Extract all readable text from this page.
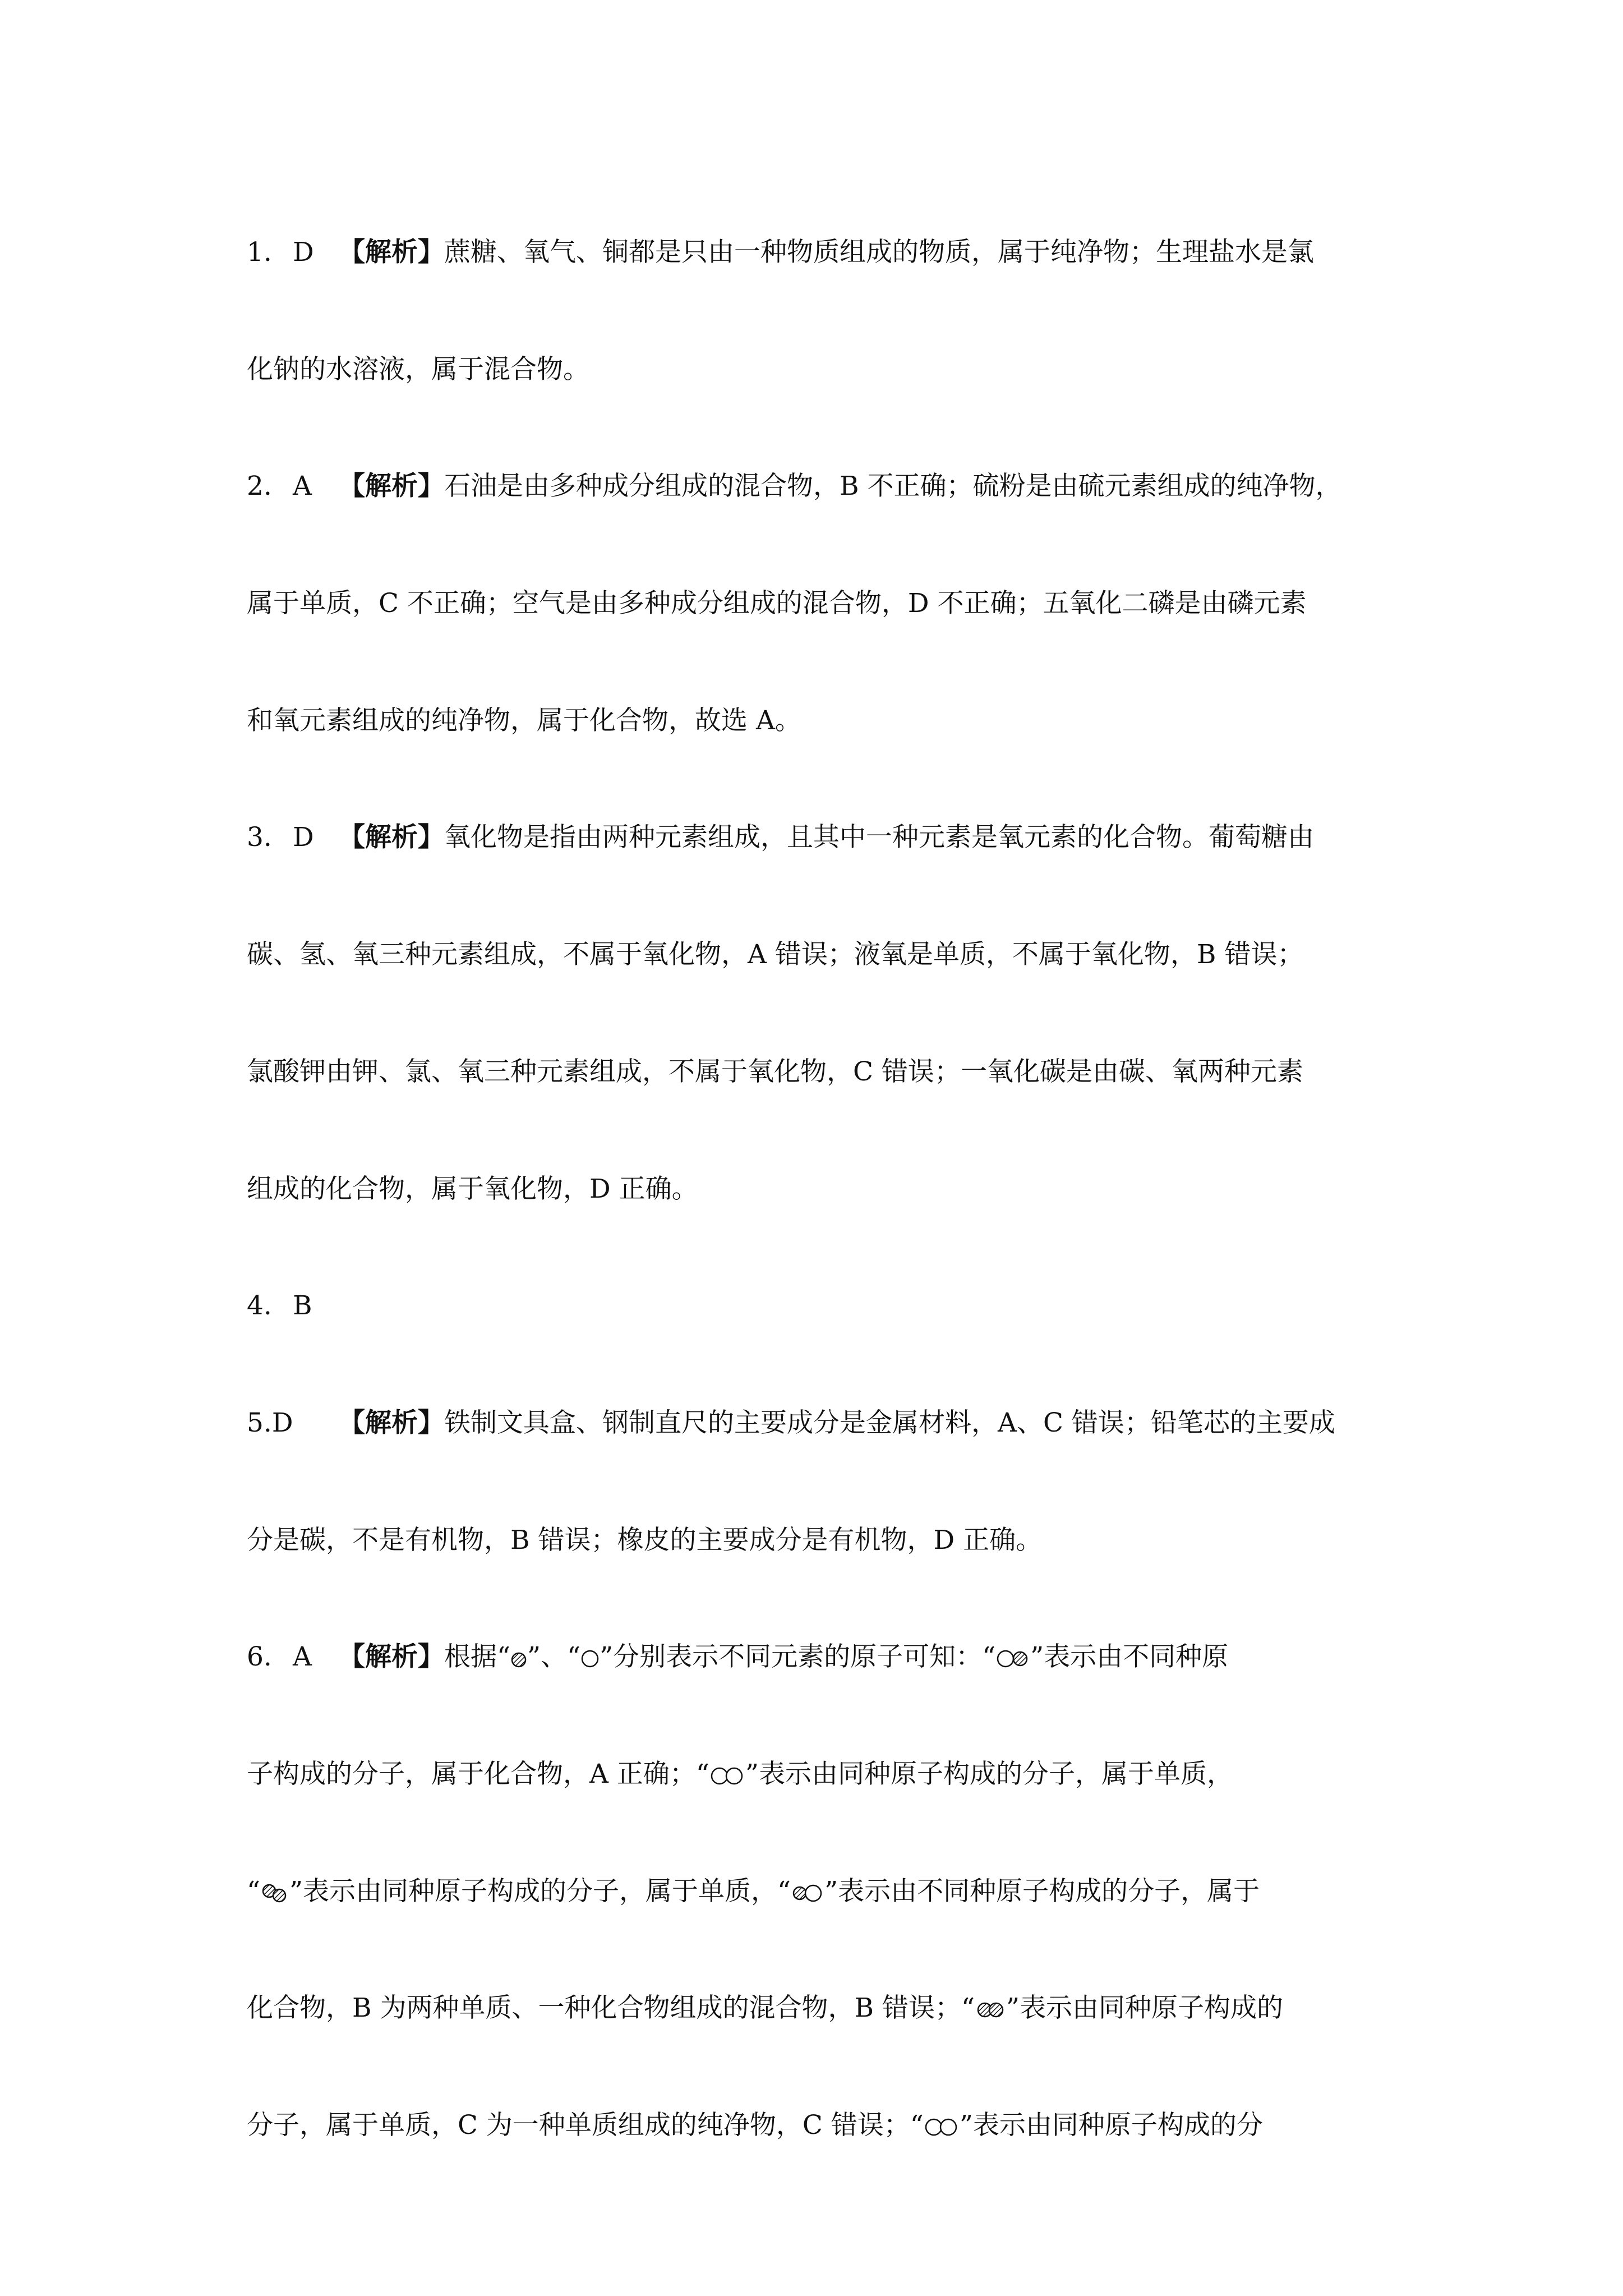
1. D 【解析】蔗糖、氧气、铜都是只由一种物质组成的物质，属于纯净物；生理盐水是氯

化钠的水溶液，属于混合物。

2. A 【解析】石油是由多种成分组成的混合物，B 不正确；硫粉是由硫元素组成的纯净物，

属于单质，C 不正确；空气是由多种成分组成的混合物，D 不正确；五氧化二磷是由磷元素

和氧元素组成的纯净物，属于化合物，故选 A。

3. D 【解析】氧化物是指由两种元素组成，且其中一种元素是氧元素的化合物。葡萄糖由

碳、氢、氧三种元素组成，不属于氧化物，A 错误；液氧是单质，不属于氧化物，B 错误；

氯酸钾由钾、氯、氧三种元素组成，不属于氧化物，C 错误；一氧化碳是由碳、氧两种元素

组成的化合物，属于氧化物，D 正确。

4. B

5.D 【解析】铁制文具盒、钢制直尺的主要成分是金属材料，A、C 错误；铅笔芯的主要成

分是碳，不是有机物，B 错误；橡皮的主要成分是有机物，D 正确。

6. A 【解析】根据“ ”、“ ”分别表示不同元素的原子可知：“ ”表示由不同种原

子构成的分子，属于化合物，A 正确；“ ”表示由同种原子构成的分子，属于单质，

“ ”表示由同种原子构成的分子，属于单质，“ ”表示由不同种原子构成的分子，属于

化合物，B 为两种单质、一种化合物组成的混合物，B 错误；“ ”表示由同种原子构成的

分子，属于单质，C 为一种单质组成的纯净物，C 错误；“ ”表示由同种原子构成的分
